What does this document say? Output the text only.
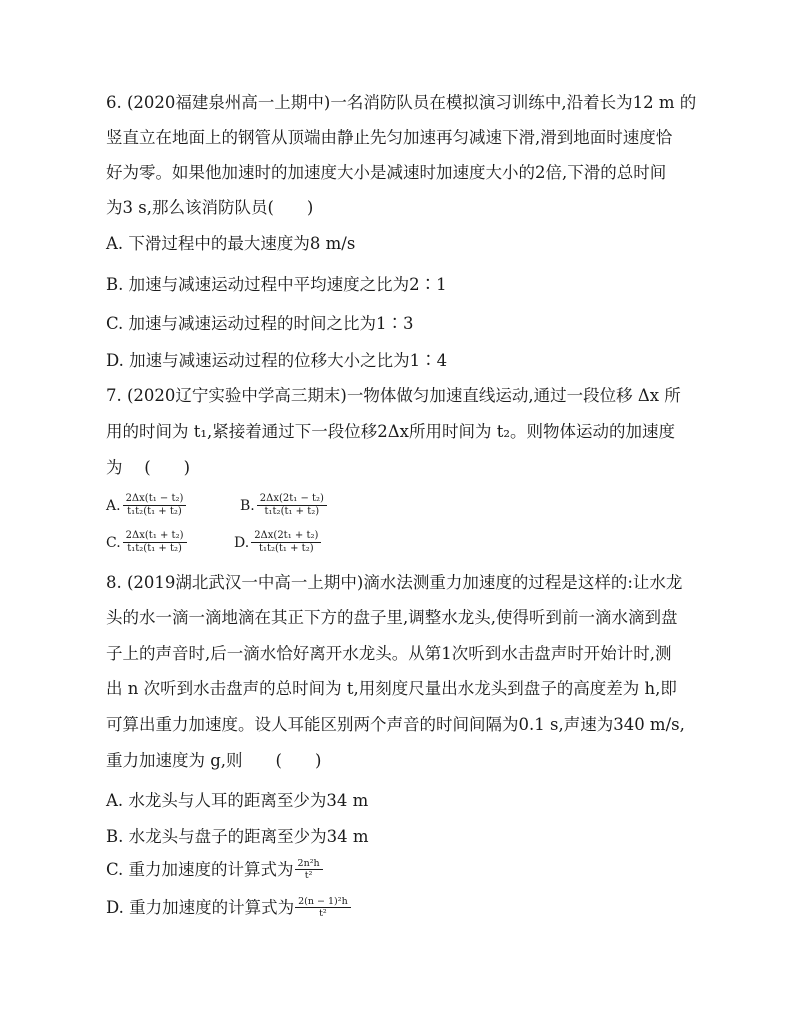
6. (2020福建泉州高一上期中)一名消防队员在模拟演习训练中,沿着长为12 m 的
竖直立在地面上的钢管从顶端由静止先匀加速再匀减速下滑,滑到地面时速度恰
好为零。如果他加速时的加速度大小是减速时加速度大小的2倍,下滑的总时间
为3 s,那么该消防队员(　　)
A. 下滑过程中的最大速度为8 m/s
B. 加速与减速运动过程中平均速度之比为2∶1
C. 加速与减速运动过程的时间之比为1∶3
D. 加速与减速运动过程的位移大小之比为1∶4
7. (2020辽宁实验中学高三期末)一物体做匀加速直线运动,通过一段位移 Δx 所
用的时间为 t₁,紧接着通过下一段位移2Δx所用时间为 t₂。则物体运动的加速度
为　 (　　)
A. $\frac{\text{2Δx(t₁ − t₂)}}{\text{t₁t₂(t₁ + t₂)}}$	B. $\frac{\text{2Δx(2t₁ − t₂)}}{\text{t₁t₂(t₁ + t₂)}}$
C. $\frac{\text{2Δx(t₁ + t₂)}}{\text{t₁t₂(t₁ + t₂)}}$	D. $\frac{\text{2Δx(2t₁ + t₂)}}{\text{t₁t₂(t₁ + t₂)}}$
8. (2019湖北武汉一中高一上期中)滴水法测重力加速度的过程是这样的:让水龙
头的水一滴一滴地滴在其正下方的盘子里,调整水龙头,使得听到前一滴水滴到盘
子上的声音时,后一滴水恰好离开水龙头。从第1次听到水击盘声时开始计时,测
出 n 次听到水击盘声的总时间为 t,用刻度尺量出水龙头到盘子的高度差为 h,即
可算出重力加速度。设人耳能区别两个声音的时间间隔为0.1 s,声速为340 m/s,
重力加速度为 g,则　　(　　)
A. 水龙头与人耳的距离至少为34 m
B. 水龙头与盘子的距离至少为34 m
C. 重力加速度的计算式为 $\frac{\text{2n²h}}{\text{t²}}$
D. 重力加速度的计算式为 $\frac{\text{2(n − 1)²h}}{\text{t²}}$
